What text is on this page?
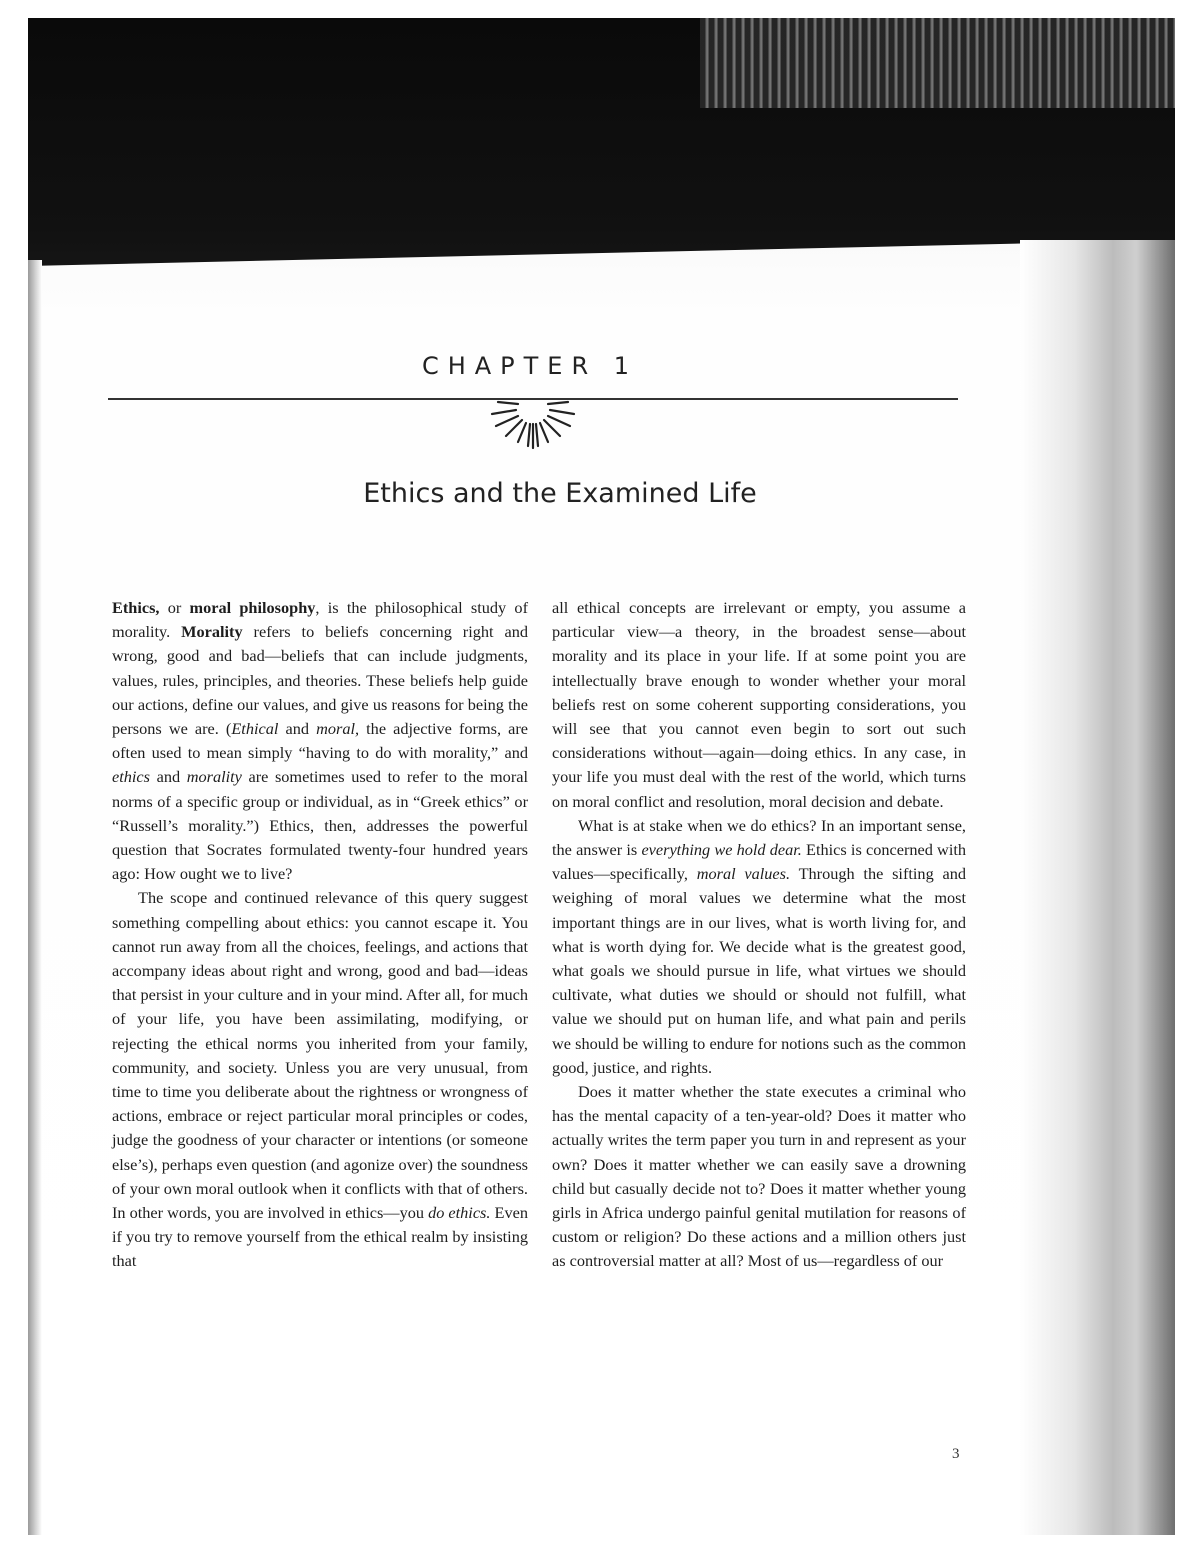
CHAPTER 1
Ethics and the Examined Life

Ethics, or moral philosophy, is the philosophical study of morality. Morality refers to beliefs concerning right and wrong, good and bad—beliefs that can include judgments, values, rules, principles, and theories. These beliefs help guide our actions, define our values, and give us reasons for being the persons we are. (Ethical and moral, the adjective forms, are often used to mean simply “having to do with morality,” and ethics and morality are sometimes used to refer to the moral norms of a specific group or individual, as in “Greek ethics” or “Russell’s morality.”) Ethics, then, addresses the powerful question that Socrates formulated twenty-four hundred years ago: How ought we to live?

The scope and continued relevance of this query suggest something compelling about ethics: you cannot escape it. You cannot run away from all the choices, feelings, and actions that accompany ideas about right and wrong, good and bad—ideas that persist in your culture and in your mind. After all, for much of your life, you have been assimilating, modifying, or rejecting the ethical norms you inherited from your family, community, and society. Unless you are very unusual, from time to time you deliberate about the rightness or wrongness of actions, embrace or reject particular moral principles or codes, judge the goodness of your character or intentions (or someone else’s), perhaps even question (and agonize over) the soundness of your own moral outlook when it conflicts with that of others. In other words, you are involved in ethics—you do ethics. Even if you try to remove yourself from the ethical realm by insisting that

all ethical concepts are irrelevant or empty, you assume a particular view—a theory, in the broadest sense—about morality and its place in your life. If at some point you are intellectually brave enough to wonder whether your moral beliefs rest on some coherent supporting considerations, you will see that you cannot even begin to sort out such considerations without—again—doing ethics. In any case, in your life you must deal with the rest of the world, which turns on moral conflict and resolution, moral decision and debate.

What is at stake when we do ethics? In an important sense, the answer is everything we hold dear. Ethics is concerned with values—specifically, moral values. Through the sifting and weighing of moral values we determine what the most important things are in our lives, what is worth living for, and what is worth dying for. We decide what is the greatest good, what goals we should pursue in life, what virtues we should cultivate, what duties we should or should not fulfill, what value we should put on human life, and what pain and perils we should be willing to endure for notions such as the common good, justice, and rights.

Does it matter whether the state executes a criminal who has the mental capacity of a ten-year-old? Does it matter who actually writes the term paper you turn in and represent as your own? Does it matter whether we can easily save a drowning child but casually decide not to? Does it matter whether young girls in Africa undergo painful genital mutilation for reasons of custom or religion? Do these actions and a million others just as controversial matter at all? Most of us—regardless of our

3
